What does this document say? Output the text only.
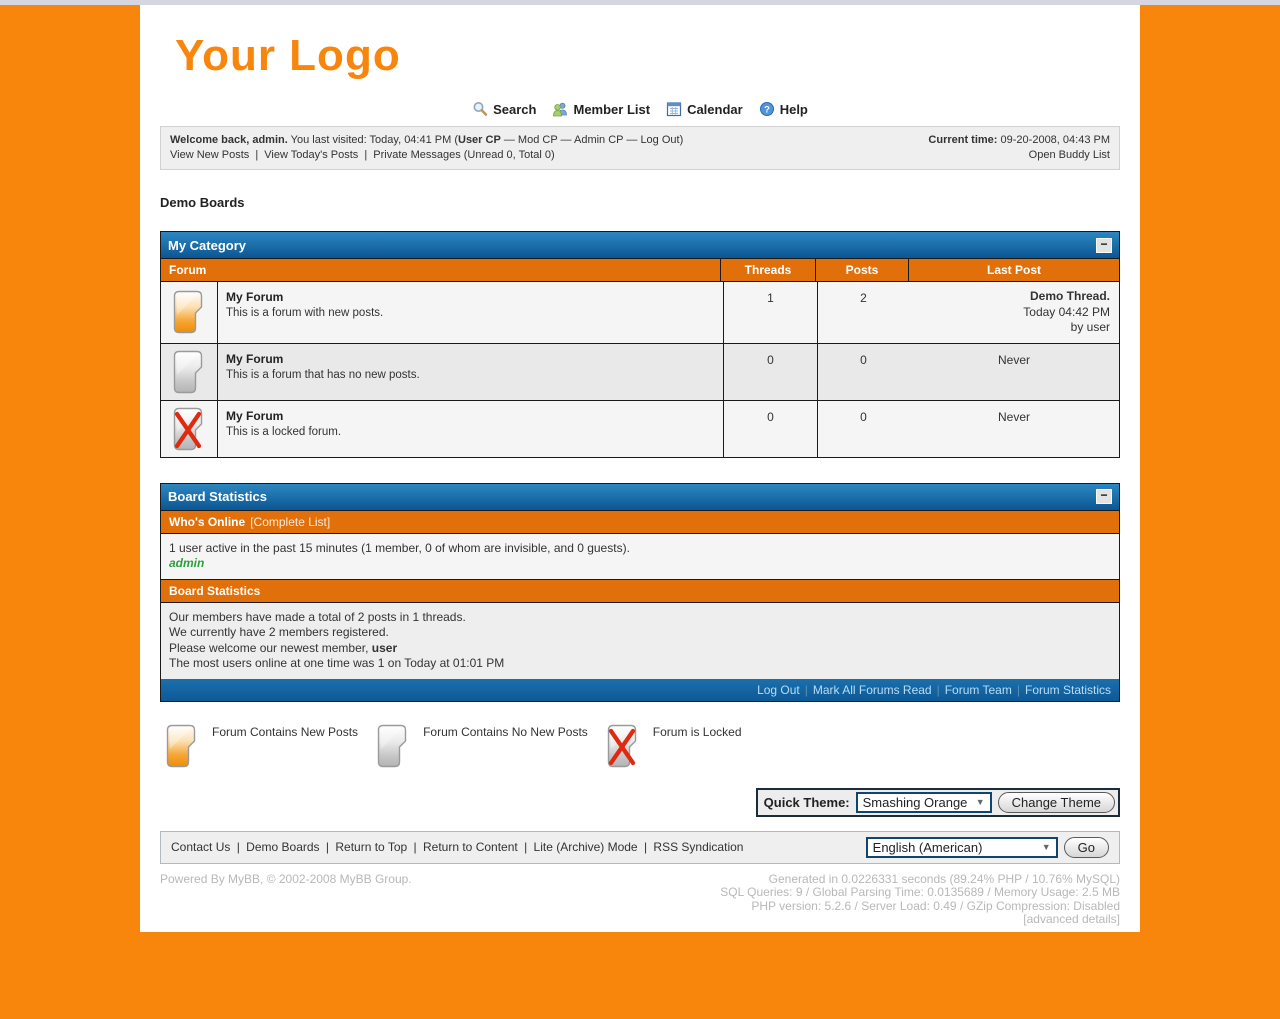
Your Logo
Search	Member List	Calendar ? Help
Welcome back, admin. You last visited: Today, 04:41 PM (User CP — Mod CP — Admin CP — Log Out)
View New Posts | View Today's Posts | Private Messages (Unread 0, Total 0)
Current time: 09-20-2008, 04:43 PM
Open Buddy List
Demo Boards
My Category	−
Forum	Threads	Posts	Last Post
My Forum
This is a forum with new posts.
1	2	Demo Thread.
Today 04:42 PM
by user
My Forum
This is a forum that has no new posts.
0	0	Never
My Forum
This is a locked forum.
0	0	Never
Board Statistics	−
Who's Online [Complete List]
1 user active in the past 15 minutes (1 member, 0 of whom are invisible, and 0 guests).
admin
Board Statistics
Our members have made a total of 2 posts in 1 threads.
We currently have 2 members registered.
Please welcome our newest member, user
The most users online at one time was 1 on Today at 01:01 PM
Log Out | Mark All Forums Read | Forum Team | Forum Statistics
Forum Contains New Posts	Forum Contains No New Posts	Forum is Locked
Quick Theme: Smashing Orange ▼	Change Theme
Contact Us | Demo Boards | Return to Top | Return to Content | Lite (Archive) Mode | RSS Syndication	English (American)	▼	Go
Powered By MyBB, © 2002-2008 MyBB Group.	Generated in 0.0226331 seconds (89.24% PHP / 10.76% MySQL)
SQL Queries: 9 / Global Parsing Time: 0.0135689 / Memory Usage: 2.5 MB
PHP version: 5.2.6 / Server Load: 0.49 / GZip Compression: Disabled
[advanced details]
